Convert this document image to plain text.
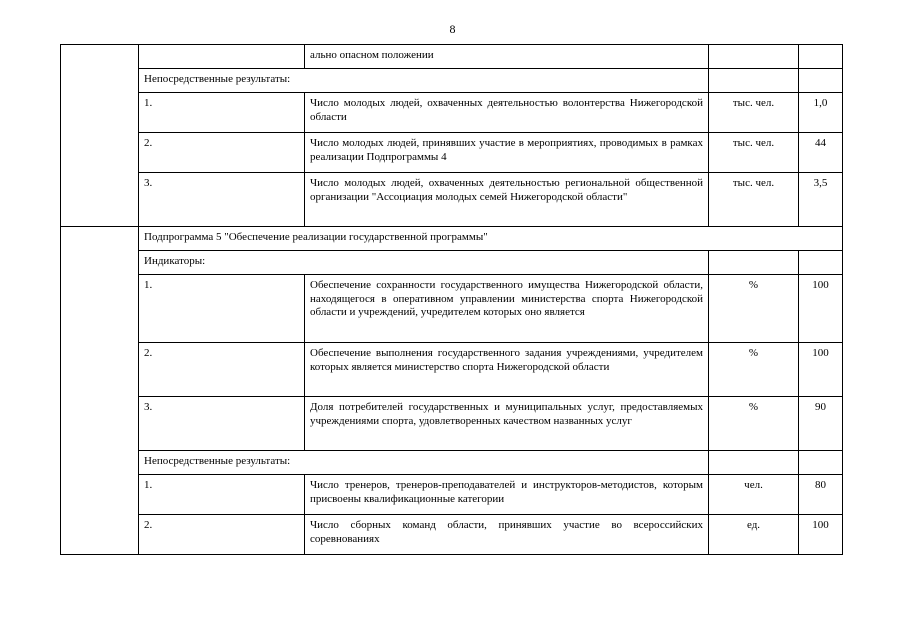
8
		ально опасном положении		
	Непосредственные результаты:			
	1.	Число молодых людей, охваченных деятельностью волонтерства Нижегородской области	тыс. чел.	1,0
	2.	Число молодых людей, принявших участие в мероприятиях, проводимых в рамках реализации Подпрограммы 4	тыс. чел.	44
	3.	Число молодых людей, охваченных деятельностью региональной общественной организации "Ассоциация молодых семей Нижегородской области"	тыс. чел.	3,5
	Подпрограмма 5 "Обеспечение реализации государственной программы"			
	Индикаторы:			
	1.	Обеспечение сохранности государственного имущества Нижегородской области, находящегося в оперативном управлении министерства спорта Нижегородской области и учреждений, учредителем которых оно является	%	100
	2.	Обеспечение выполнения государственного задания учреждениями, учредителем которых является министерство спорта Нижегородской области	%	100
	3.	Доля потребителей государственных и муниципальных услуг, предоставляемых учреждениями спорта, удовлетворенных качеством названных услуг	%	90
	Непосредственные результаты:			
	1.	Число тренеров, тренеров-преподавателей и инструкторов-методистов, которым присвоены квалификационные категории	чел.	80
	2.	Число сборных команд области, принявших участие во всероссийских соревнованиях	ед.	100
